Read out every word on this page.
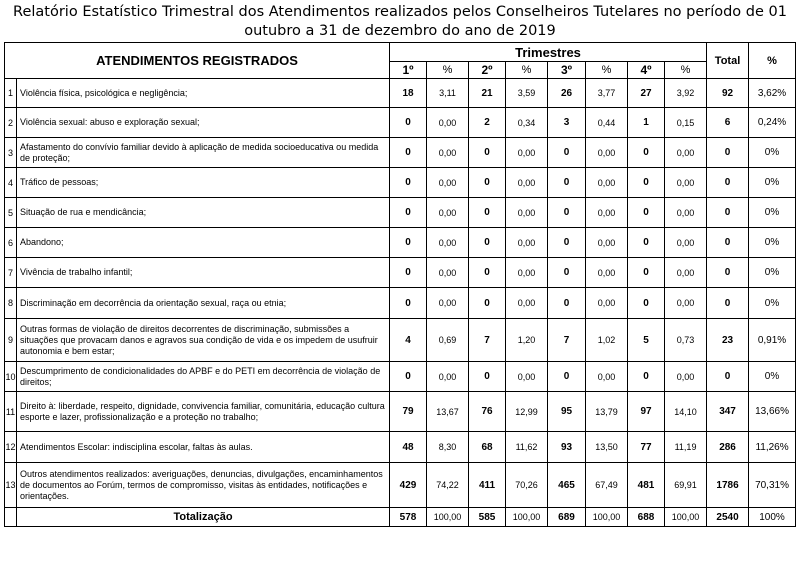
Relatório Estatístico Trimestral dos Atendimentos realizados pelos Conselheiros Tutelares no período de 01
outubro a 31 de dezembro do ano de 2019
ATENDIMENTOS REGISTRADOS		Trimestres								Total	%
		1º	%	2º	%	3º	%	4º	%		

1	Violência física, psicológica e negligência;	18	3,11	21	3,59	26	3,77	27	3,92	92	3,62%
2	Violência sexual: abuso e exploração sexual;	0	0,00	2	0,34	3	0,44	1	0,15	6	0,24%
3	Afastamento do convívio familiar devido à aplicação de medida socioeducativa ou medida de proteção;	0	0,00	0	0,00	0	0,00	0	0,00	0	0%
4	Tráfico de pessoas;	0	0,00	0	0,00	0	0,00	0	0,00	0	0%
5	Situação de rua e mendicância;	0	0,00	0	0,00	0	0,00	0	0,00	0	0%
6	Abandono;	0	0,00	0	0,00	0	0,00	0	0,00	0	0%
7	Vivência de trabalho infantil;	0	0,00	0	0,00	0	0,00	0	0,00	0	0%
8	Discriminação em decorrência da orientação sexual, raça ou etnia;	0	0,00	0	0,00	0	0,00	0	0,00	0	0%
9	Outras formas de violação de direitos decorrentes de discriminação, submissões a situações que provacam danos e agravos sua condição de vida e os impedem de usufruir autonomia e bem estar;	4	0,69	7	1,20	7	1,02	5	0,73	23	0,91%
10	Descumprimento de condicionalidades do APBF e do PETI em decorrência de violação de direitos;	0	0,00	0	0,00	0	0,00	0	0,00	0	0%
11	Direito à: liberdade, respeito, dignidade, convivencia familiar, comunitária, educação cultura esporte e lazer, profissionalização e a proteção no trabalho;	79	13,67	76	12,99	95	13,79	97	14,10	347	13,66%
12	Atendimentos Escolar: indisciplina escolar, faltas às aulas.	48	8,30	68	11,62	93	13,50	77	11,19	286	11,26%
13	Outros atendimentos realizados: averiguações, denuncias, divulgações, encaminhamentos de documentos ao Forúm, termos de compromisso, visitas às entidades, notificações e orientações.	429	74,22	411	70,26	465	67,49	481	69,91	1786	70,31%
	Totalização	578	100,00	585	100,00	689	100,00	688	100,00	2540	100%
